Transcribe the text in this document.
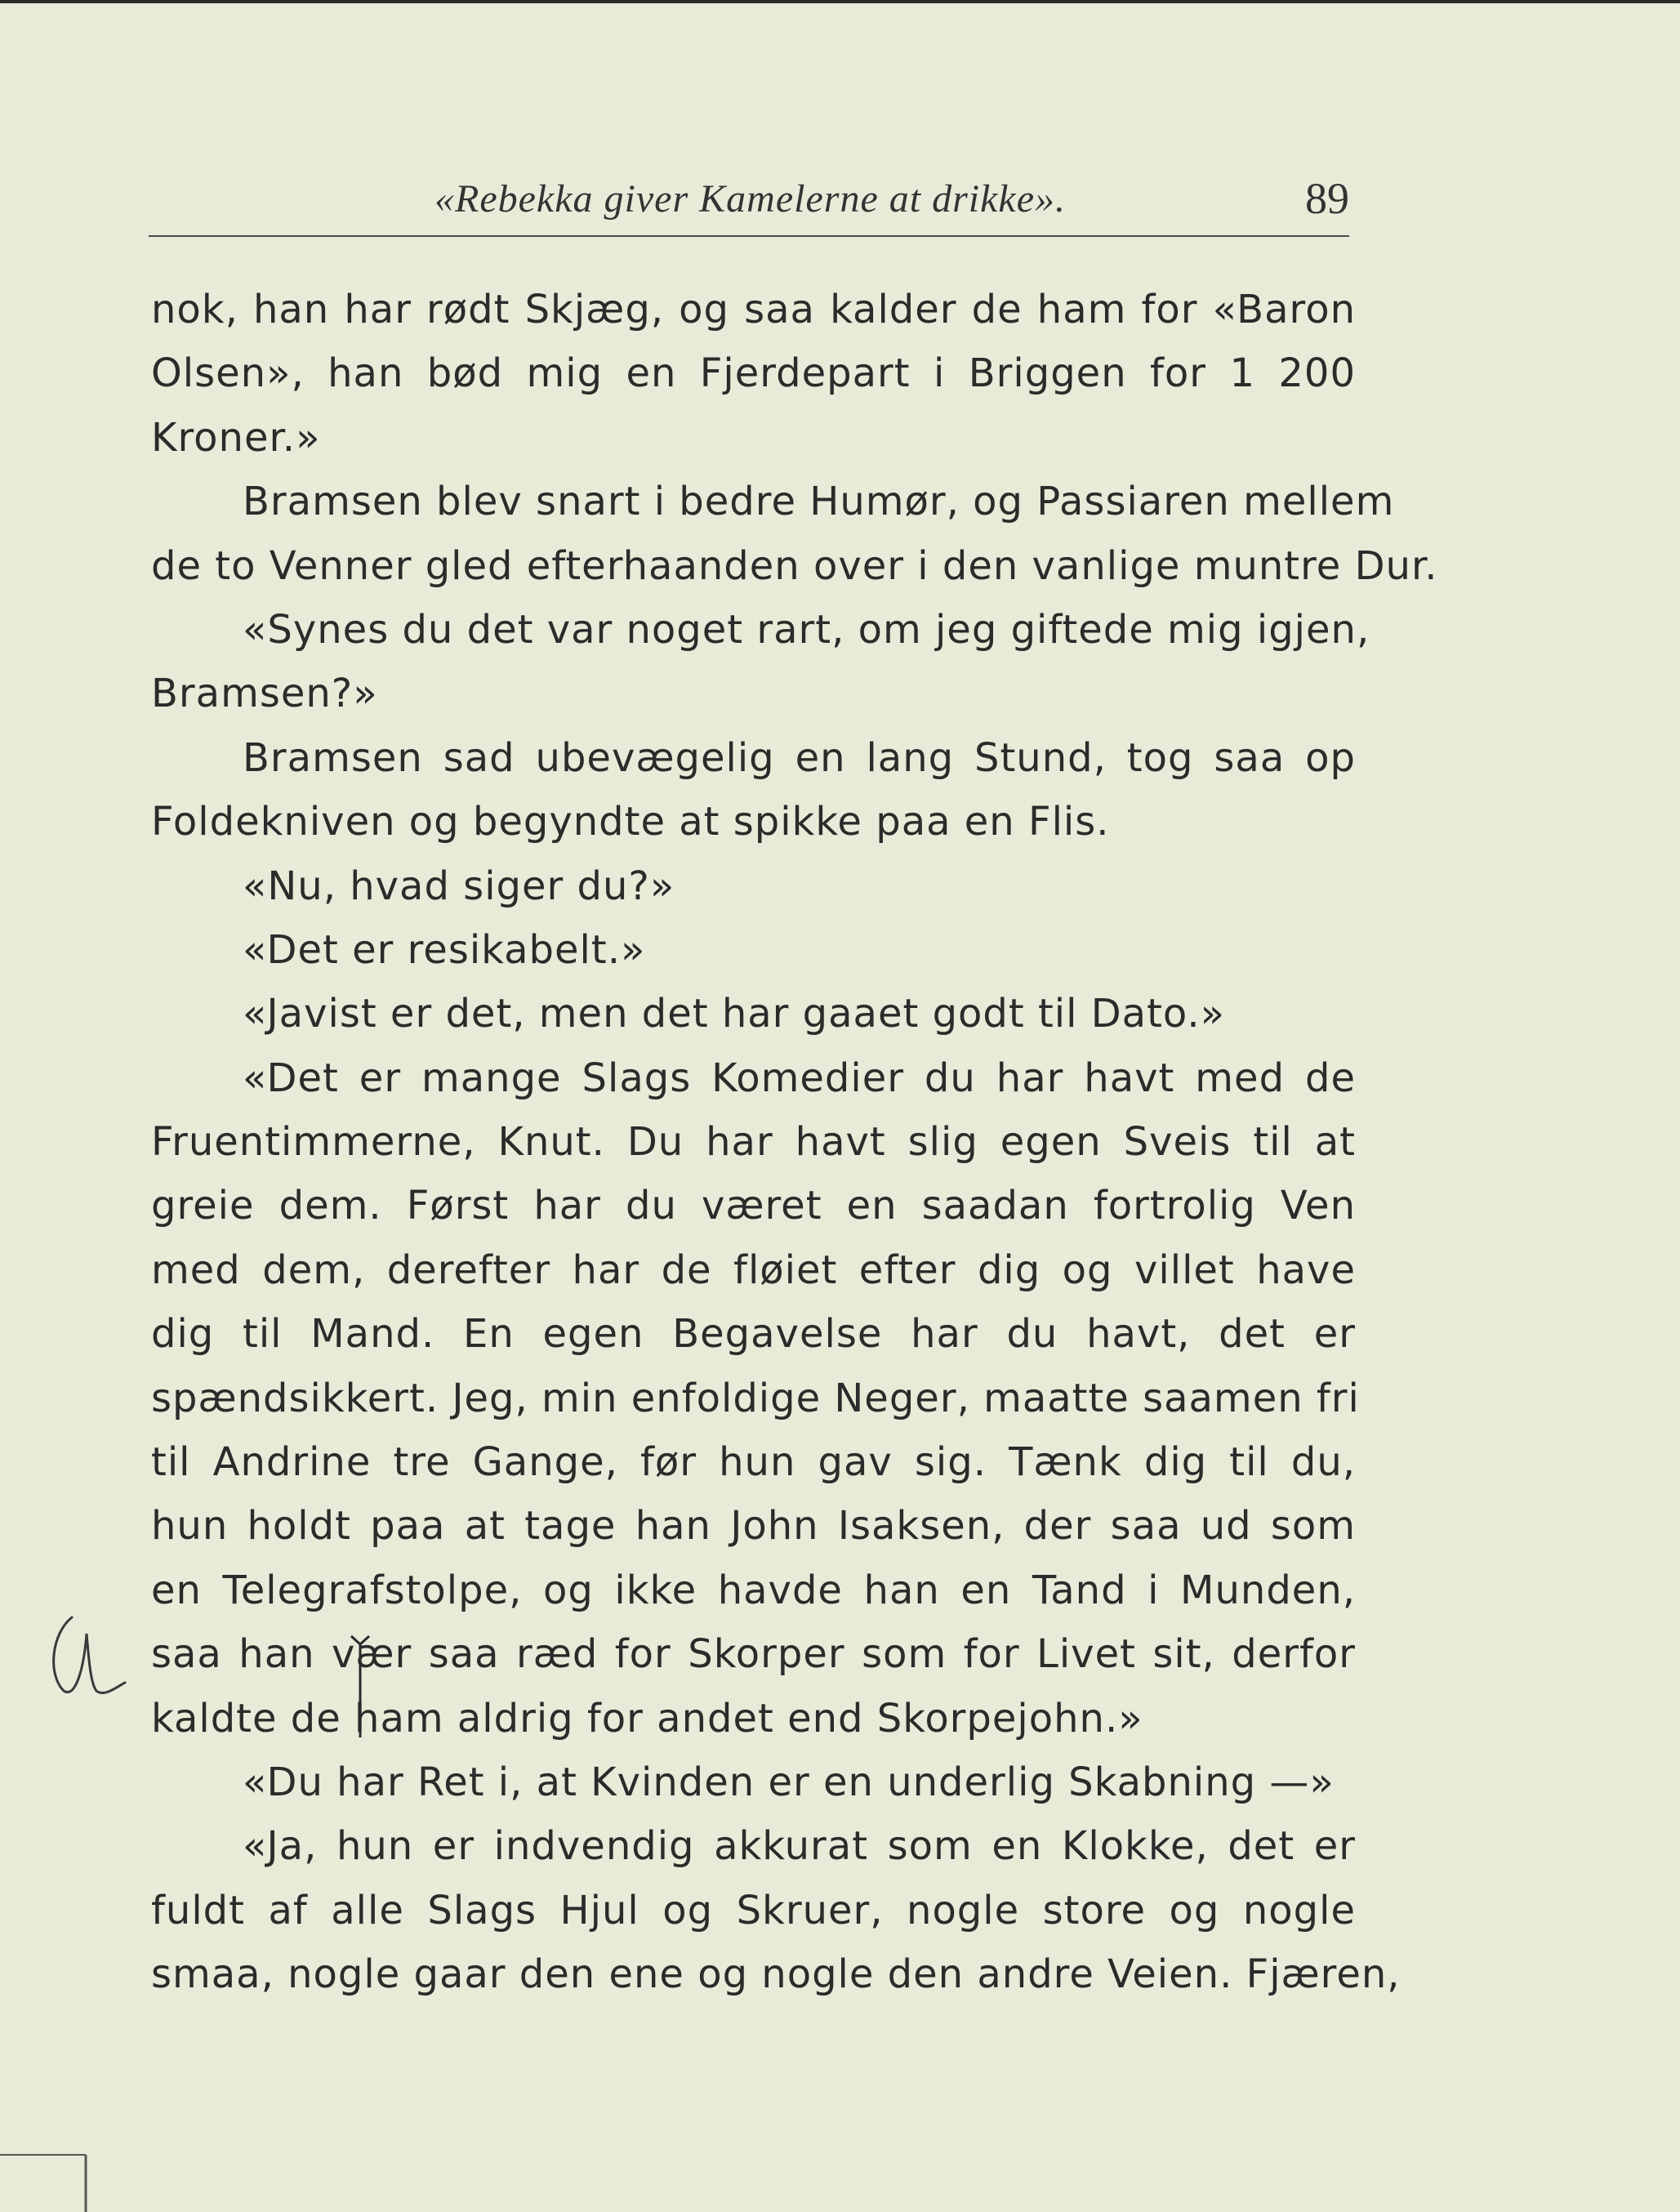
«Rebekka giver Kamelerne at drikke».	89
nok, han har rødt Skjæg, og saa kalder de ham for «Baron
Olsen», han bød mig en Fjerdepart i Briggen for 1 200
Kroner.»
Bramsen blev snart i bedre Humør, og Passiaren mellem
de to Venner gled efterhaanden over i den vanlige muntre Dur.
«Synes du det var noget rart, om jeg giftede mig igjen,
Bramsen?»
Bramsen sad ubevægelig en lang Stund, tog saa op
Foldekniven og begyndte at spikke paa en Flis.
«Nu, hvad siger du?»
«Det er resikabelt.»
«Javist er det, men det har gaaet godt til Dato.»
«Det er mange Slags Komedier du har havt med de
Fruentimmerne, Knut. Du har havt slig egen Sveis til at
greie dem. Først har du været en saadan fortrolig Ven
med dem, derefter har de fløiet efter dig og villet have
dig til Mand. En egen Begavelse har du havt, det er
spændsikkert. Jeg, min enfoldige Neger, maatte saamen fri
til Andrine tre Gange, før hun gav sig. Tænk dig til du,
hun holdt paa at tage han John Isaksen, der saa ud som
en Telegrafstolpe, og ikke havde han en Tand i Munden,
saa han vær saa ræd for Skorper som for Livet sit, derfor
kaldte de ham aldrig for andet end Skorpejohn.»
«Du har Ret i, at Kvinden er en underlig Skabning —»
«Ja, hun er indvendig akkurat som en Klokke, det er
fuldt af alle Slags Hjul og Skruer, nogle store og nogle
smaa, nogle gaar den ene og nogle den andre Veien. Fjæren,
